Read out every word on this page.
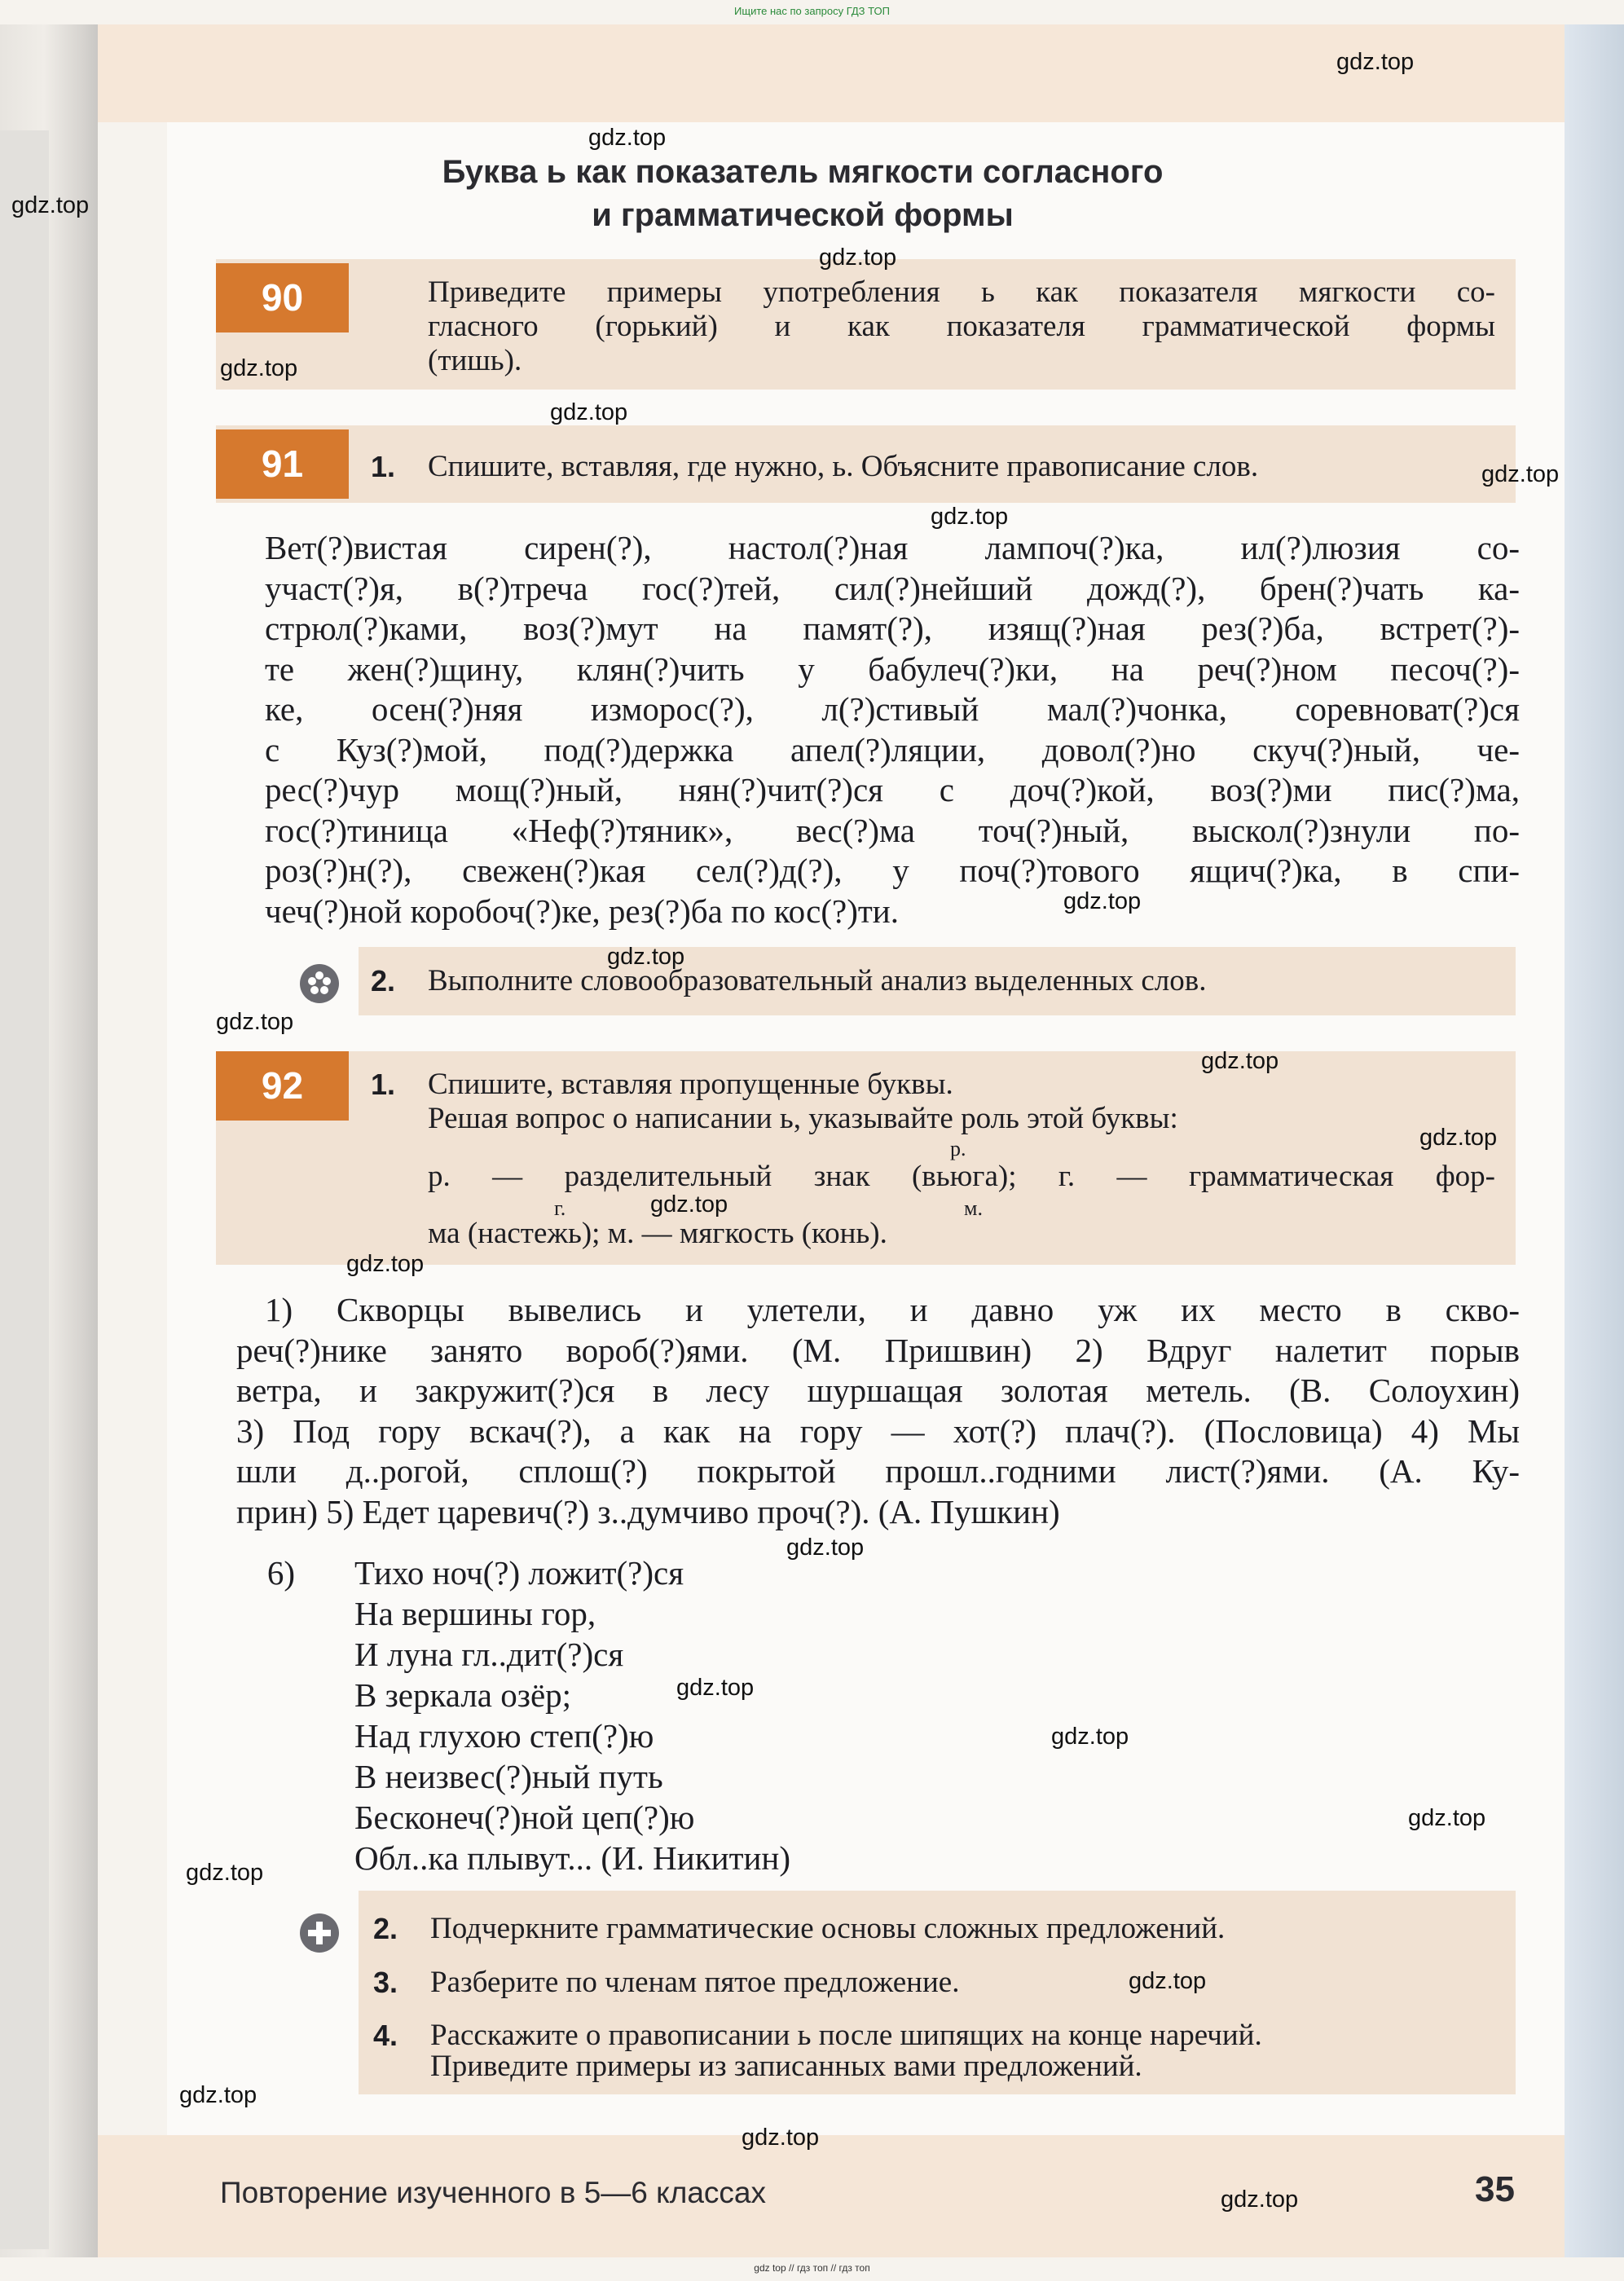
Ищите нас по запросу ГДЗ ТОП
Буква ь как показатель мягкости согласного
и грамматической формы
90	Приведите примеры употребления ь как показателя мягкости со-
гласного (горький) и как показателя грамматической формы
(тишь).
91	1. Спишите, вставляя, где нужно, ь. Объясните правописание слов.
Вет(?)вистая сирен(?), настол(?)ная лампоч(?)ка, ил(?)люзия со-
участ(?)я, в(?)треча гос(?)тей, сил(?)нейший дожд(?), брен(?)чать ка-
стрюл(?)ками, воз(?)мут на памят(?), изящ(?)ная рез(?)ба, встрет(?)-
те жен(?)щину, клян(?)чить у бабулеч(?)ки, на реч(?)ном песоч(?)-
ке, осен(?)няя изморос(?), л(?)стивый мал(?)чонка, соревноват(?)ся
с Куз(?)мой, под(?)держка апел(?)ляции, довол(?)но скуч(?)ный, че-
рес(?)чур мощ(?)ный, нян(?)чит(?)ся с доч(?)кой, воз(?)ми пис(?)ма,
гос(?)тиница «Неф(?)тяник», вес(?)ма точ(?)ный, выскол(?)знули по-
роз(?)н(?), свежен(?)кая сел(?)д(?), у поч(?)тового ящич(?)ка, в спи-
чеч(?)ной коробоч(?)ке, рез(?)ба по кос(?)ти.
2. Выполните словообразовательный анализ выделенных слов.
92	1. Спишите, вставляя пропущенные буквы.
Решая вопрос о написании ь, указывайте роль этой буквы:
р. — разделительный знак (вьюга); г. — грамматическая фор-
ма (настежь); м. — мягкость (конь).
р.
г.	м.
1) Скворцы вывелись и улетели, и давно уж их место в скво-
реч(?)нике занято вороб(?)ями. (М. Пришвин) 2) Вдруг налетит порыв
ветра, и закружит(?)ся в лесу шуршащая золотая метель. (В. Солоухин)
3) Под гору вскач(?), а как на гору — хот(?) плач(?). (Пословица) 4) Мы
шли д..рогой, сплош(?) покрытой прошл..годними лист(?)ями. (А. Ку-
прин) 5) Едет царевич(?) з..думчиво проч(?). (А. Пушкин)
6) Тихо ноч(?) ложит(?)ся
На вершины гор,
И луна гл..дит(?)ся
В зеркала озёр;
Над глухою степ(?)ю
В неизвес(?)ный путь
Бесконеч(?)ной цеп(?)ю
Обл..ка плывут... (И. Никитин)
2. Подчеркните грамматические основы сложных предложений.
3. Разберите по членам пятое предложение.
4. Расскажите о правописании ь после шипящих на конце наречий.
Приведите примеры из записанных вами предложений.
Повторение изученного в 5—6 классах	35
gdz.top
gdz.top
gdz.top
gdz.top
gdz.top
gdz.top
gdz.top
gdz.top
gdz.top
gdz.top
gdz.top
gdz.top
gdz.top
gdz.top
gdz.top
gdz.top
gdz.top
gdz.top
gdz.top
gdz.top
gdz.top
gdz.top
gdz.top
gdz.top
gdz top // гдз топ // гдз топ
